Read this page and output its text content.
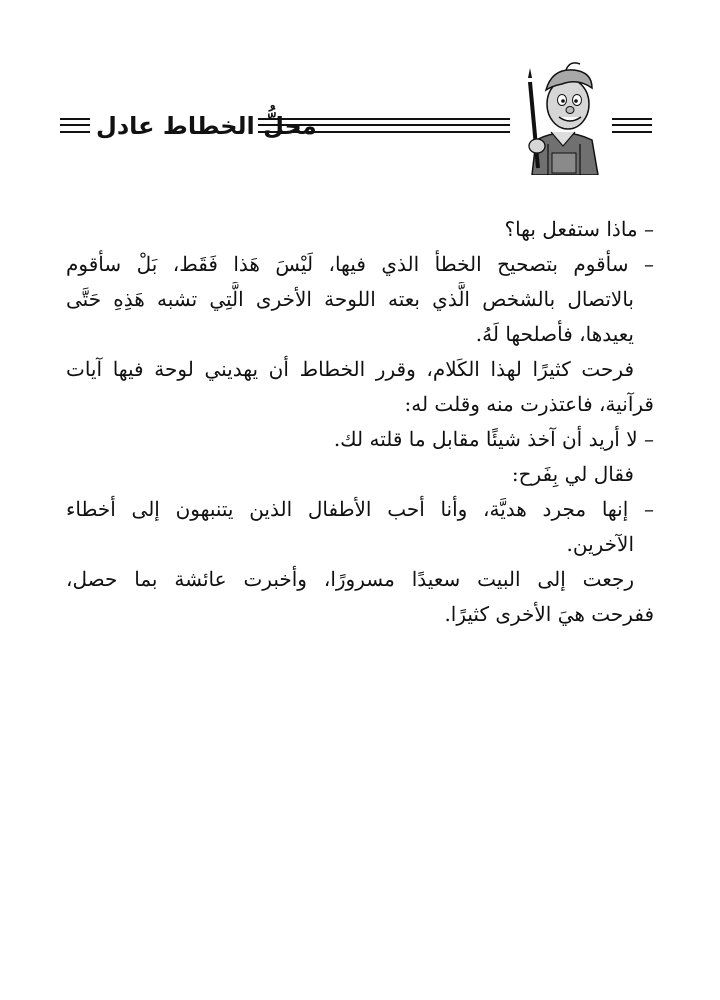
محلُّ الخطاط عادل
– ماذا ستفعل بها؟
– سأقوم بتصحيح الخطأ الذي فيها، لَيْسَ هَذا فَقَط، بَلْ سأقوم
بالاتصال بالشخص الَّذي بعته اللوحة الأخرى الَّتِي تشبه هَذِهِ حَتَّى
يعيدها، فأصلحها لَهُ.
فرحت كثيرًا لهذا الكَلام، وقرر الخطاط أن يهديني لوحة فيها آيات
قرآنية، فاعتذرت منه وقلت له:
– لا أريد أن آخذ شيئًا مقابل ما قلته لك.
فقال لي بِفَرح:
– إنها مجرد هديَّة، وأنا أحب الأطفال الذين يتنبهون إلى أخطاء
الآخرين.
رجعت إلى البيت سعيدًا مسرورًا، وأخبرت عائشة بما حصل،
ففرحت هيَ الأخرى كثيرًا.
